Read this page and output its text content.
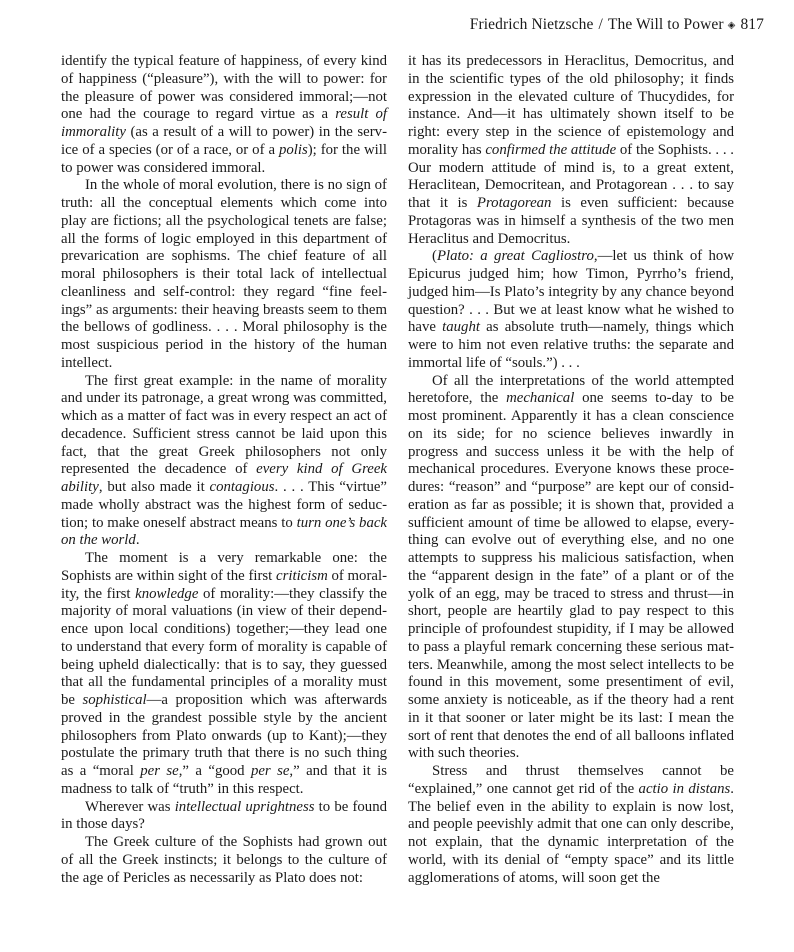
Friedrich Nietzsche / The Will to Power ◈ 817

identify the typical feature of happiness, of every kind of happiness (“pleasure”), with the will to power: for the pleasure of power was considered immoral;—not one had the courage to regard virtue as a result of immorality (as a result of a will to power) in the service of a species (or of a race, or of a polis); for the will to power was considered immoral.

In the whole of moral evolution, there is no sign of truth: all the conceptual elements which come into play are fictions; all the psychological tenets are false; all the forms of logic employed in this department of prevarication are sophisms. The chief feature of all moral philosophers is their total lack of intellectual cleanliness and self-control: they regard “fine feelings” as arguments: their heaving breasts seem to them the bellows of godliness. . . . Moral philosophy is the most suspicious period in the history of the human intellect.

The first great example: in the name of morality and under its patronage, a great wrong was committed, which as a matter of fact was in every respect an act of decadence. Sufficient stress cannot be laid upon this fact, that the great Greek philosophers not only represented the decadence of every kind of Greek ability, but also made it contagious. . . . This “virtue” made wholly abstract was the highest form of seduction; to make oneself abstract means to turn one’s back on the world.

The moment is a very remarkable one: the Sophists are within sight of the first criticism of morality, the first knowledge of morality:—they classify the majority of moral valuations (in view of their dependence upon local conditions) together;—they lead one to understand that every form of morality is capable of being upheld dialectically: that is to say, they guessed that all the fundamental principles of a morality must be sophistical—a proposition which was afterwards proved in the grandest possible style by the ancient philosophers from Plato onwards (up to Kant);—they postulate the primary truth that there is no such thing as a “moral per se,” a “good per se,” and that it is madness to talk of “truth” in this respect.

Wherever was intellectual uprightness to be found in those days?

The Greek culture of the Sophists had grown out of all the Greek instincts; it belongs to the culture of the age of Pericles as necessarily as Plato does not:

it has its predecessors in Heraclitus, Democritus, and in the scientific types of the old philosophy; it finds expression in the elevated culture of Thucydides, for instance. And—it has ultimately shown itself to be right: every step in the science of epistemology and morality has confirmed the attitude of the Sophists. . . . Our modern attitude of mind is, to a great extent, Heraclitean, Democritean, and Protagorean . . . to say that it is Protagorean is even sufficient: because Protagoras was in himself a synthesis of the two men Heraclitus and Democritus.

(Plato: a great Cagliostro,—let us think of how Epicurus judged him; how Timon, Pyrrho’s friend, judged him—Is Plato’s integrity by any chance beyond question? . . . But we at least know what he wished to have taught as absolute truth—namely, things which were to him not even relative truths: the separate and immortal life of “souls.”) . . .

Of all the interpretations of the world attempted heretofore, the mechanical one seems to-day to be most prominent. Apparently it has a clean conscience on its side; for no science believes inwardly in progress and success unless it be with the help of mechanical procedures. Everyone knows these procedures: “reason” and “purpose” are kept our of consideration as far as possible; it is shown that, provided a sufficient amount of time be allowed to elapse, everything can evolve out of everything else, and no one attempts to suppress his malicious satisfaction, when the “apparent design in the fate” of a plant or of the yolk of an egg, may be traced to stress and thrust—in short, people are heartily glad to pay respect to this principle of profoundest stupidity, if I may be allowed to pass a playful remark concerning these serious matters. Meanwhile, among the most select intellects to be found in this movement, some presentiment of evil, some anxiety is noticeable, as if the theory had a rent in it that sooner or later might be its last: I mean the sort of rent that denotes the end of all balloons inflated with such theories.

Stress and thrust themselves cannot be “explained,” one cannot get rid of the actio in distans. The belief even in the ability to explain is now lost, and people peevishly admit that one can only describe, not explain, that the dynamic interpretation of the world, with its denial of “empty space” and its little agglomerations of atoms, will soon get the
